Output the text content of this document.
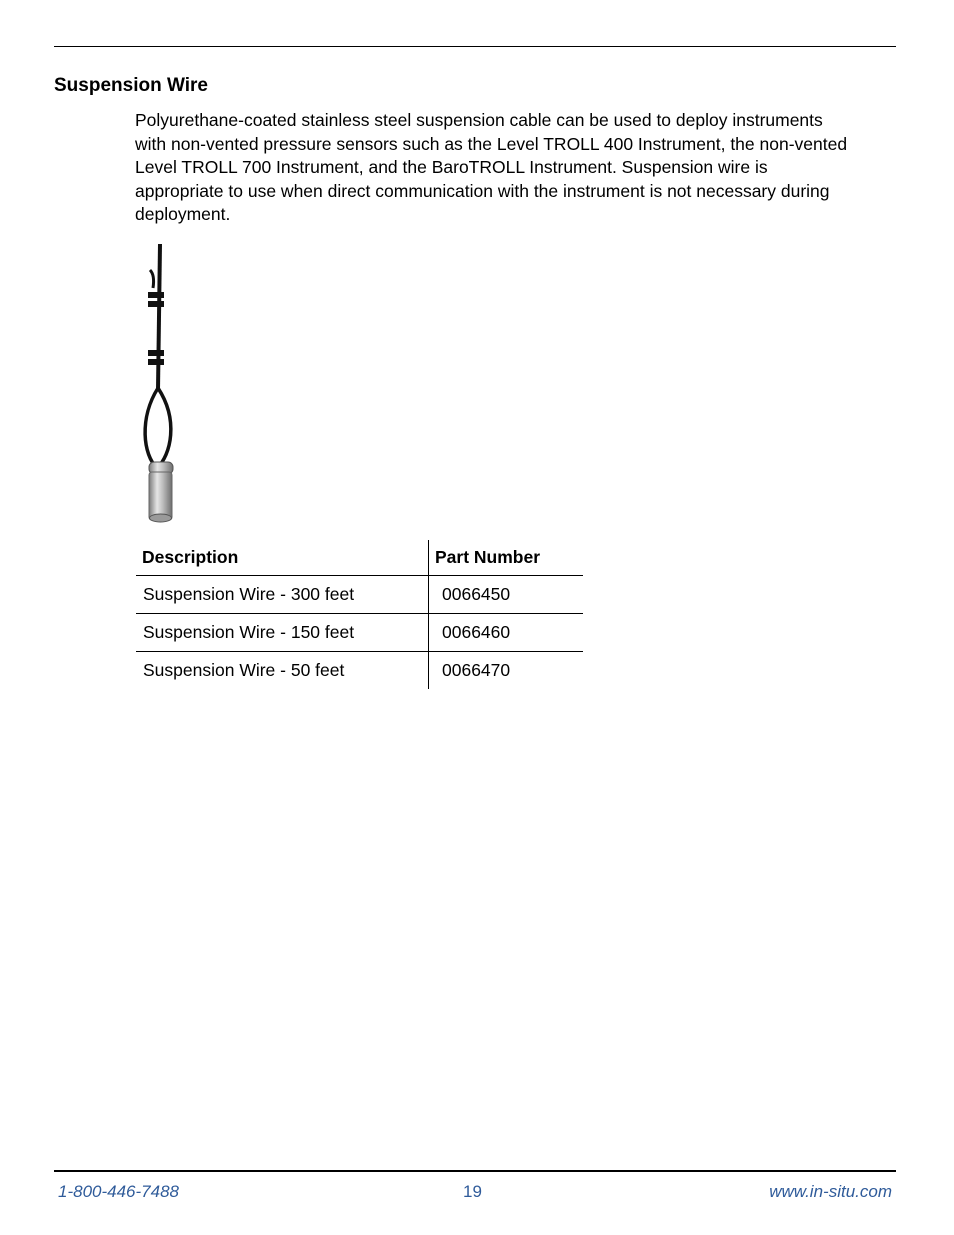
Suspension Wire

Polyurethane-coated stainless steel suspension cable can be used to deploy instruments with non-vented pressure sensors such as the Level TROLL 400 Instrument, the non-vented Level TROLL 700 Instrument, and the BaroTROLL Instrument. Suspension wire is appropriate to use when direct communication with the instrument is not necessary during deployment.

Description	Part Number
Suspension Wire - 300 feet	0066450
Suspension Wire - 150 feet	0066460
Suspension Wire - 50 feet	0066470
1-800-446-7488	19	www.in-situ.com
